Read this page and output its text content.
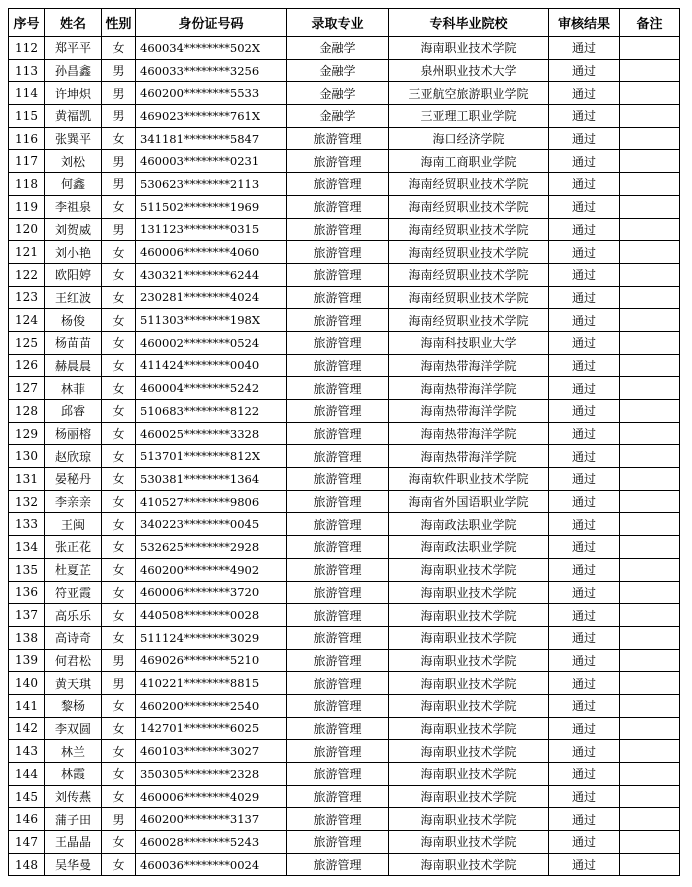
序号	姓名	性别	身份证号码	录取专业	专科毕业院校	审核结果	备注
112	郑平平	女	460034********502X	金融学	海南职业技术学院	通过	
113	孙昌鑫	男	460033********3256	金融学	泉州职业技术大学	通过	
114	许坤炽	男	460200********5533	金融学	三亚航空旅游职业学院	通过	
115	黄福凯	男	469023********761X	金融学	三亚理工职业学院	通过	
116	张巽平	女	341181********5847	旅游管理	海口经济学院	通过	
117	刘松	男	460003********0231	旅游管理	海南工商职业学院	通过	
118	何鑫	男	530623********2113	旅游管理	海南经贸职业技术学院	通过	
119	李祖泉	女	511502********1969	旅游管理	海南经贸职业技术学院	通过	
120	刘贺威	男	131123********0315	旅游管理	海南经贸职业技术学院	通过	
121	刘小艳	女	460006********4060	旅游管理	海南经贸职业技术学院	通过	
122	欧阳婷	女	430321********6244	旅游管理	海南经贸职业技术学院	通过	
123	王红波	女	230281********4024	旅游管理	海南经贸职业技术学院	通过	
124	杨俊	女	511303********198X	旅游管理	海南经贸职业技术学院	通过	
125	杨苗苗	女	460002********0524	旅游管理	海南科技职业大学	通过	
126	赫晨晨	女	411424********0040	旅游管理	海南热带海洋学院	通过	
127	林菲	女	460004********5242	旅游管理	海南热带海洋学院	通过	
128	邱睿	女	510683********8122	旅游管理	海南热带海洋学院	通过	
129	杨丽榕	女	460025********3328	旅游管理	海南热带海洋学院	通过	
130	赵欣琼	女	513701********812X	旅游管理	海南热带海洋学院	通过	
131	晏秘丹	女	530381********1364	旅游管理	海南软件职业技术学院	通过	
132	李亲亲	女	410527********9806	旅游管理	海南省外国语职业学院	通过	
133	王闽	女	340223********0045	旅游管理	海南政法职业学院	通过	
134	张正花	女	532625********2928	旅游管理	海南政法职业学院	通过	
135	杜夏芷	女	460200********4902	旅游管理	海南职业技术学院	通过	
136	符亚霞	女	460006********3720	旅游管理	海南职业技术学院	通过	
137	高乐乐	女	440508********0028	旅游管理	海南职业技术学院	通过	
138	高诗奇	女	511124********3029	旅游管理	海南职业技术学院	通过	
139	何君松	男	469026********5210	旅游管理	海南职业技术学院	通过	
140	黄天琪	男	410221********8815	旅游管理	海南职业技术学院	通过	
141	黎杨	女	460200********2540	旅游管理	海南职业技术学院	通过	
142	李双圆	女	142701********6025	旅游管理	海南职业技术学院	通过	
143	林兰	女	460103********3027	旅游管理	海南职业技术学院	通过	
144	林霞	女	350305********2328	旅游管理	海南职业技术学院	通过	
145	刘传燕	女	460006********4029	旅游管理	海南职业技术学院	通过	
146	蒲子田	男	460200********3137	旅游管理	海南职业技术学院	通过	
147	王晶晶	女	460028********5243	旅游管理	海南职业技术学院	通过	
148	吴华曼	女	460036********0024	旅游管理	海南职业技术学院	通过	
